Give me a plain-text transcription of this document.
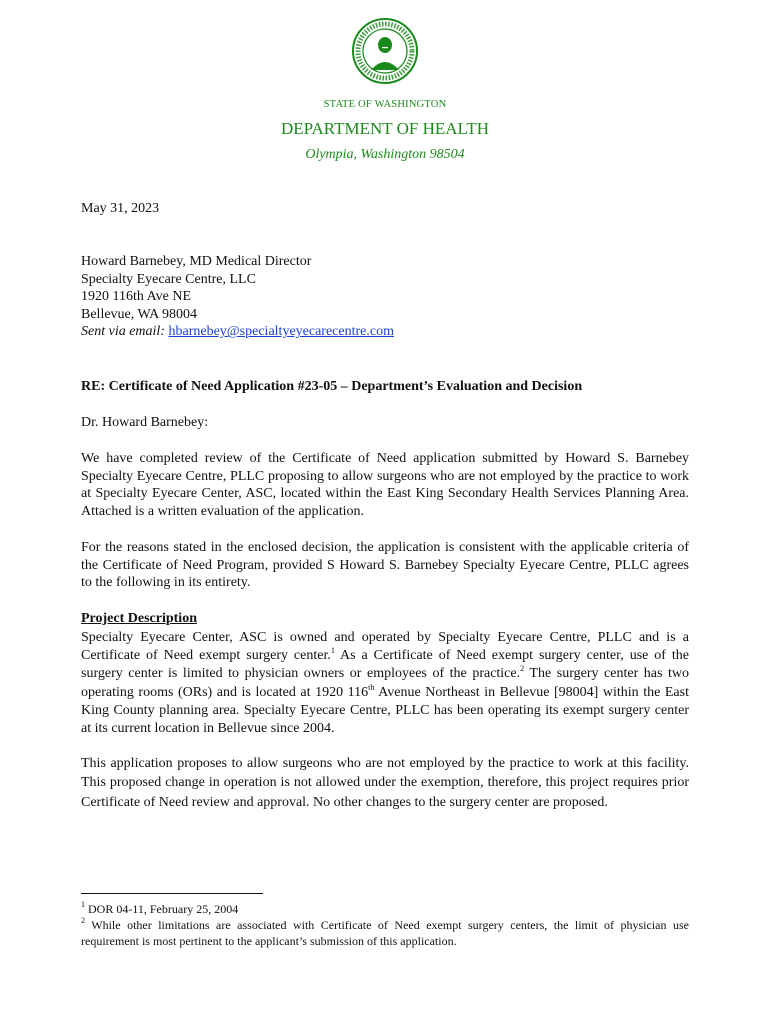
STATE OF WASHINGTON
DEPARTMENT OF HEALTH
Olympia, Washington 98504
May 31, 2023
Howard Barnebey, MD Medical Director
Specialty Eyecare Centre, LLC
1920 116th Ave NE
Bellevue, WA 98004
Sent via email: hbarnebey@specialtyeyecarecentre.com
RE: Certificate of Need Application #23-05 – Department’s Evaluation and Decision
Dr. Howard Barnebey:
We have completed review of the Certificate of Need application submitted by Howard S. Barnebey Specialty Eyecare Centre, PLLC proposing to allow surgeons who are not employed by the practice to work at Specialty Eyecare Center, ASC, located within the East King Secondary Health Services Planning Area. Attached is a written evaluation of the application.
For the reasons stated in the enclosed decision, the application is consistent with the applicable criteria of the Certificate of Need Program, provided S Howard S. Barnebey Specialty Eyecare Centre, PLLC agrees to the following in its entirety.
Project Description
Specialty Eyecare Center, ASC is owned and operated by Specialty Eyecare Centre, PLLC and is a Certificate of Need exempt surgery center.$^1$ As a Certificate of Need exempt surgery center, use of the surgery center is limited to physician owners or employees of the practice.$^2$ The surgery center has two operating rooms (ORs) and is located at 1920 116th Avenue Northeast in Bellevue [98004] within the East King County planning area. Specialty Eyecare Centre, PLLC has been operating its exempt surgery center at its current location in Bellevue since 2004.
This application proposes to allow surgeons who are not employed by the practice to work at this facility. This proposed change in operation is not allowed under the exemption, therefore, this project requires prior Certificate of Need review and approval. No other changes to the surgery center are proposed.
$^1$ DOR 04-11, February 25, 2004
$^2$ While other limitations are associated with Certificate of Need exempt surgery centers, the limit of physician use requirement is most pertinent to the applicant’s submission of this application.
